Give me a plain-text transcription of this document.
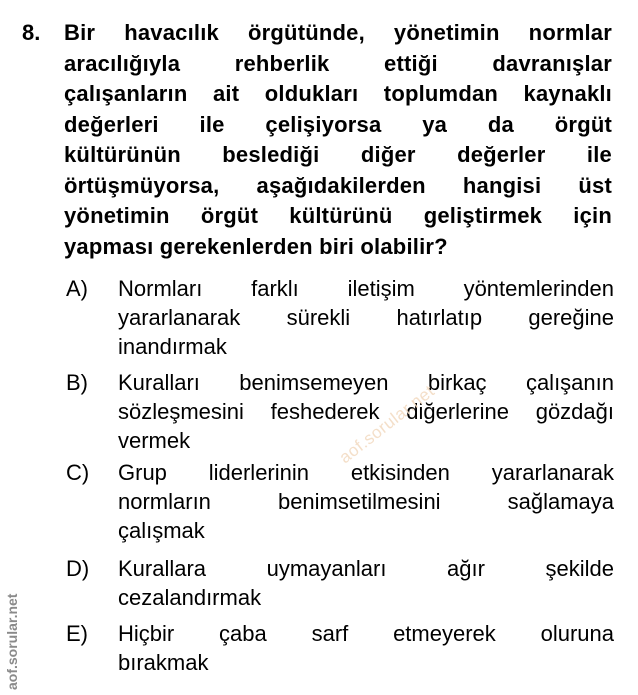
8. Bir havacılık örgütünde, yönetimin normlar
aracılığıyla rehberlik ettiği davranışlar
çalışanların ait oldukları toplumdan kaynaklı
değerleri ile çelişiyorsa ya da örgüt
kültürünün beslediği diğer değerler ile
örtüşmüyorsa, aşağıdakilerden hangisi üst
yönetimin örgüt kültürünü geliştirmek için
yapması gerekenlerden biri olabilir?
A) Normları farklı iletişim yöntemlerinden
yararlanarak sürekli hatırlatıp gereğine
inandırmak
B) Kuralları benimsemeyen birkaç çalışanın
sözleşmesini feshederek diğerlerine gözdağı
vermek
C) Grup liderlerinin etkisinden yararlanarak
normların benimsetilmesini sağlamaya
çalışmak
D) Kurallara uymayanları ağır şekilde
cezalandırmak
E) Hiçbir çaba sarf etmeyerek oluruna
bırakmak
aof.sorular.net
aof.sorular.net
